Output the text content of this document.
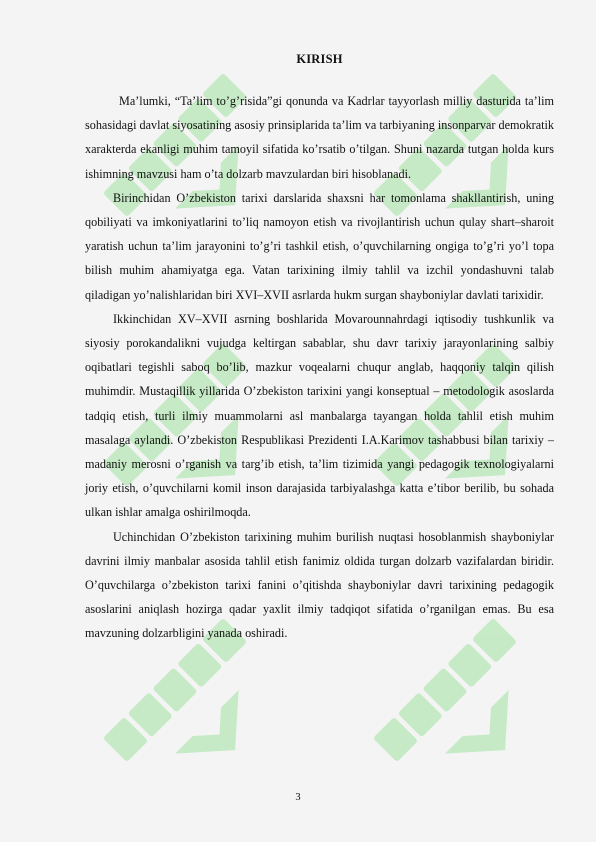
KIRISH

Ma’lumki, “Ta’lim to’g’risida”gi qonunda va Kadrlar tayyorlash milliy dasturida ta’lim sohasidagi davlat siyosatining asosiy prinsiplarida ta’lim va tarbiyaning insonparvar demokratik xarakterda ekanligi muhim tamoyil sifatida ko’rsatib o’tilgan. Shuni nazarda tutgan holda kurs ishimning mavzusi ham o’ta dolzarb mavzulardan biri hisoblanadi.

Birinchidan O’zbekiston tarixi darslarida shaxsni har tomonlama shakllantirish, uning qobiliyati va imkoniyatlarini to’liq namoyon etish va rivojlantirish uchun qulay shart–sharoit yaratish uchun ta’lim jarayonini to’g’ri tashkil etish, o’quvchilarning ongiga to’g’ri yo’l topa bilish muhim ahamiyatga ega. Vatan tarixining ilmiy tahlil va izchil yondashuvni talab qiladigan yo’nalishlaridan biri XVI–XVII asrlarda hukm surgan shayboniylar davlati tarixidir.

Ikkinchidan XV–XVII asrning boshlarida Movarounnahrdagi iqtisodiy tushkunlik va siyosiy porokandalikni vujudga keltirgan sabablar, shu davr tarixiy jarayonlarining salbiy oqibatlari tegishli saboq bo’lib, mazkur voqealarni chuqur anglab, haqqoniy talqin qilish muhimdir. Mustaqillik yillarida O’zbekiston tarixini yangi konseptual – metodologik asoslarda tadqiq etish, turli ilmiy muammolarni asl manbalarga tayangan holda tahlil etish muhim masalaga aylandi. O’zbekiston Respublikasi Prezidenti I.A.Karimov tashabbusi bilan tarixiy – madaniy merosni o’rganish va targ’ib etish, ta’lim tizimida yangi pedagogik texnologiyalarni joriy etish, o’quvchilarni komil inson darajasida tarbiyalashga katta e’tibor berilib, bu sohada ulkan ishlar amalga oshirilmoqda.

Uchinchidan O’zbekiston tarixining muhim burilish nuqtasi hosoblanmish shayboniylar davrini ilmiy manbalar asosida tahlil etish fanimiz oldida turgan dolzarb vazifalardan biridir. O’quvchilarga o’zbekiston tarixi fanini o’qitishda shayboniylar davri tarixining pedagogik asoslarini aniqlash hozirga qadar yaxlit ilmiy tadqiqot sifatida o’rganilgan emas. Bu esa mavzuning dolzarbligini yanada oshiradi.

3
